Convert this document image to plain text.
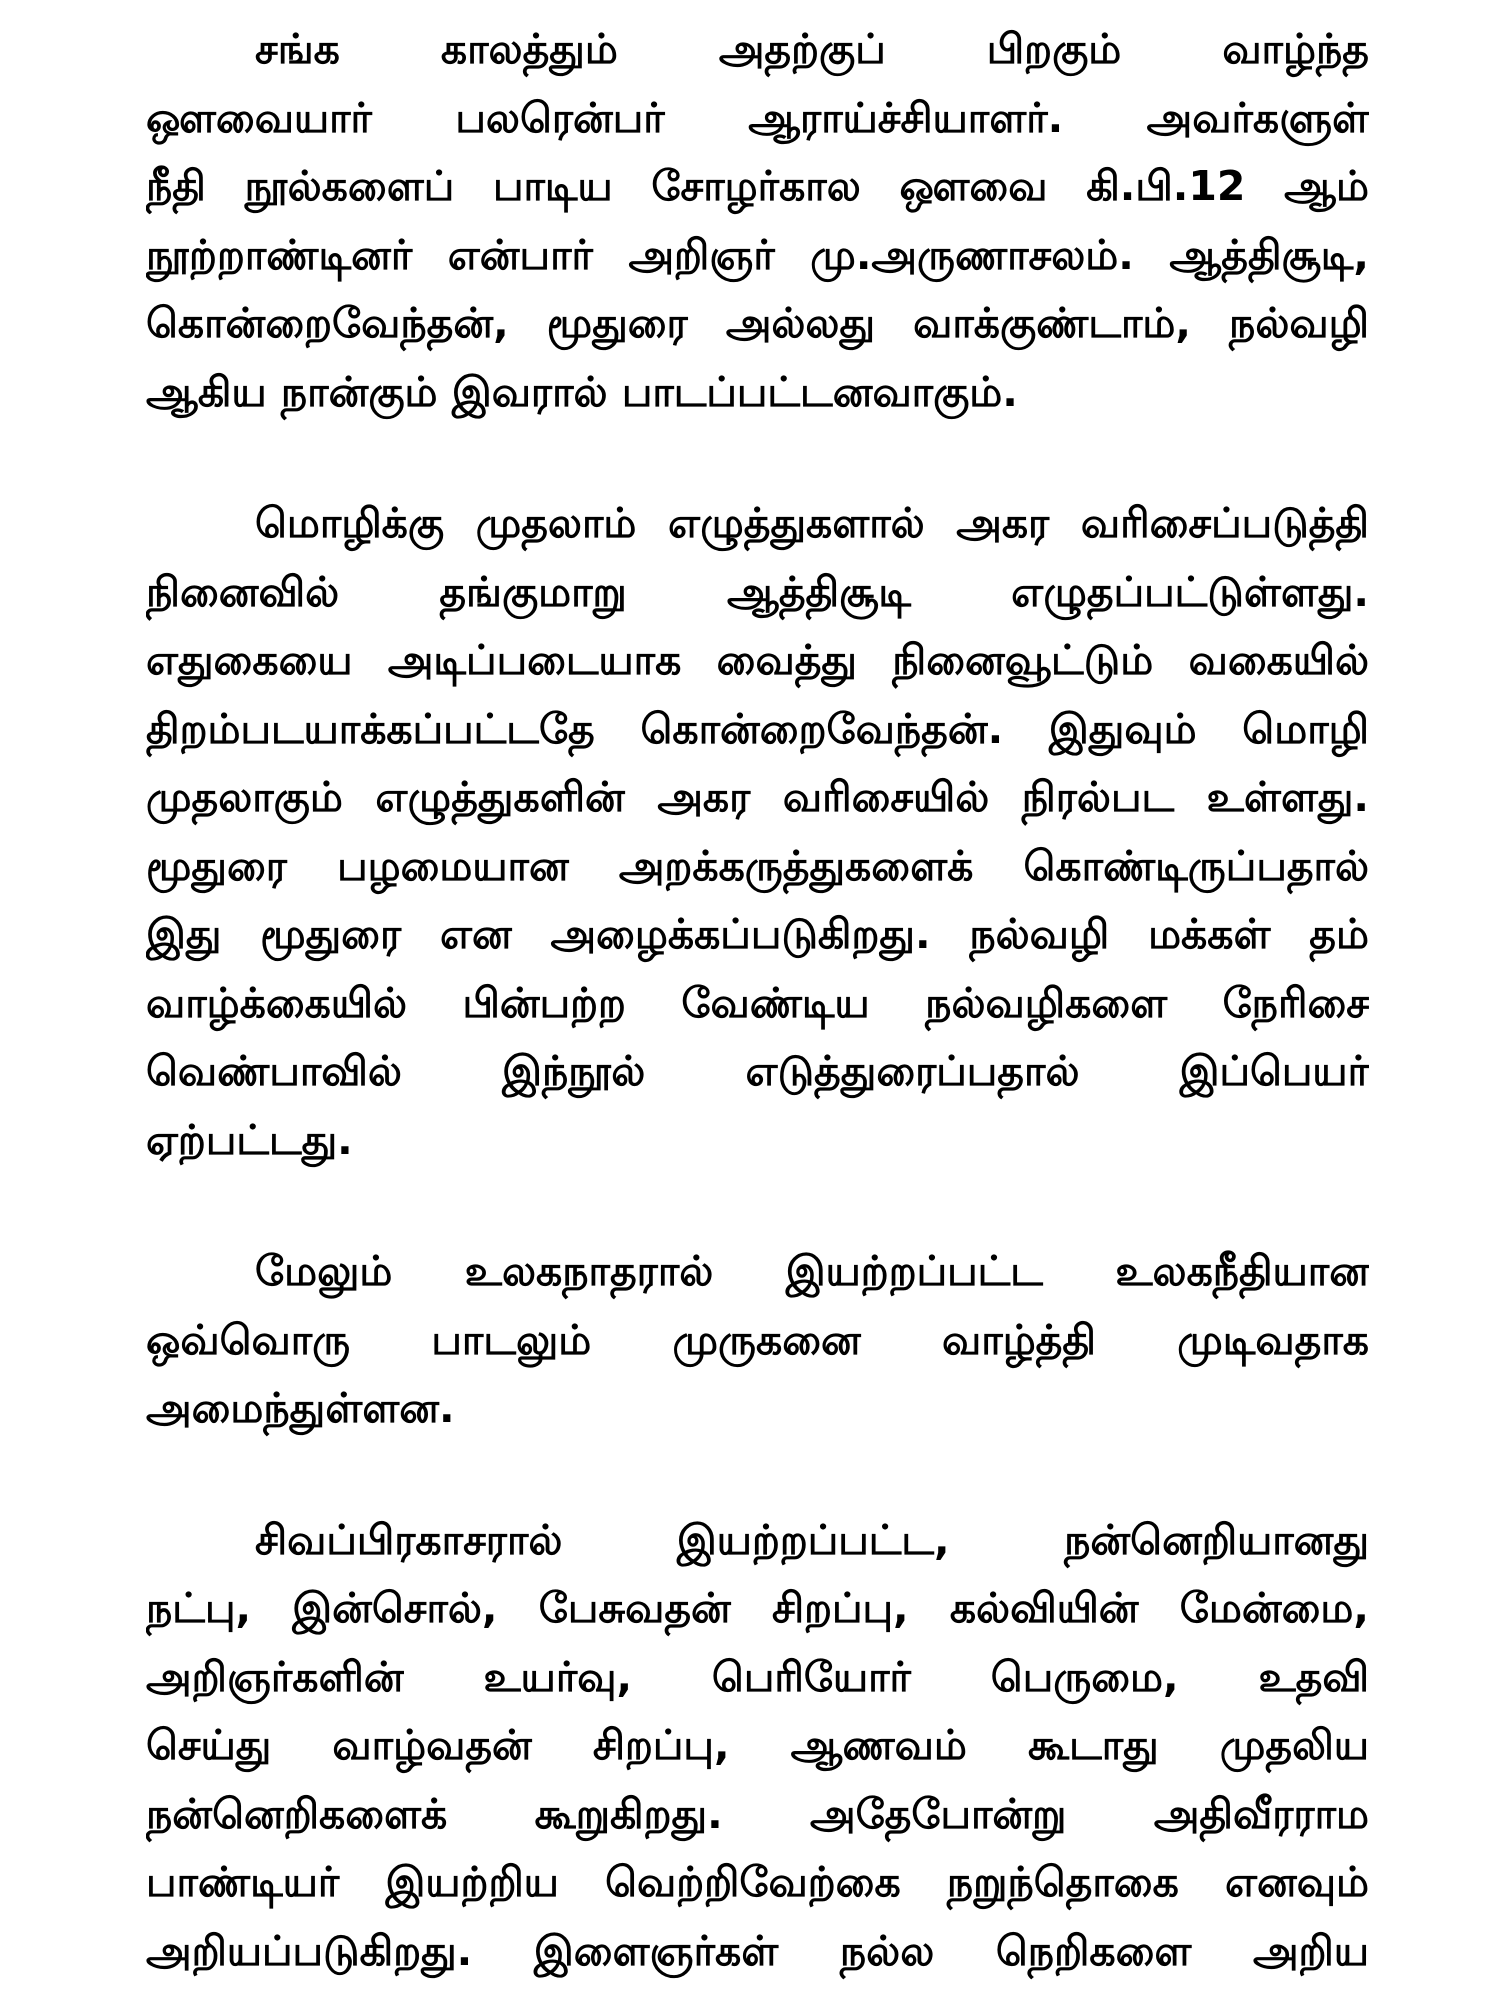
சங்க காலத்தும் அதற்குப் பிறகும் வாழ்ந்த
ஔவையார் பலரென்பர் ஆராய்ச்சியாளர். அவர்களுள்
நீதி நூல்களைப் பாடிய சோழர்கால ஔவை கி.பி.12 ஆம்
நூற்றாண்டினர் என்பார் அறிஞர் மு.அருணாசலம். ஆத்திசூடி,
கொன்றைவேந்தன், மூதுரை அல்லது வாக்குண்டாம், நல்வழி
ஆகிய நான்கும் இவரால் பாடப்பட்டனவாகும்.
மொழிக்கு முதலாம் எழுத்துகளால் அகர வரிசைப்படுத்தி
நினைவில் தங்குமாறு ஆத்திசூடி எழுதப்பட்டுள்ளது.
எதுகையை அடிப்படையாக வைத்து நினைவூட்டும் வகையில்
திறம்படயாக்கப்பட்டதே கொன்றைவேந்தன். இதுவும் மொழி
முதலாகும் எழுத்துகளின் அகர வரிசையில் நிரல்பட உள்ளது.
மூதுரை பழமையான அறக்கருத்துகளைக் கொண்டிருப்பதால்
இது மூதுரை என அழைக்கப்படுகிறது. நல்வழி மக்கள் தம்
வாழ்க்கையில் பின்பற்ற வேண்டிய நல்வழிகளை நேரிசை
வெண்பாவில் இந்நூல் எடுத்துரைப்பதால் இப்பெயர்
ஏற்பட்டது.
மேலும் உலகநாதரால் இயற்றப்பட்ட உலகநீதியான
ஒவ்வொரு பாடலும் முருகனை வாழ்த்தி முடிவதாக
அமைந்துள்ளன.
சிவப்பிரகாசரால் இயற்றப்பட்ட, நன்னெறியானது
நட்பு, இன்சொல், பேசுவதன் சிறப்பு, கல்வியின் மேன்மை,
அறிஞர்களின் உயர்வு, பெரியோர் பெருமை, உதவி
செய்து வாழ்வதன் சிறப்பு, ஆணவம் கூடாது முதலிய
நன்னெறிகளைக் கூறுகிறது. அதேபோன்று அதிவீரராம
பாண்டியர் இயற்றிய வெற்றிவேற்கை நறுந்தொகை எனவும்
அறியப்படுகிறது. இளைஞர்கள் நல்ல நெறிகளை அறிய
